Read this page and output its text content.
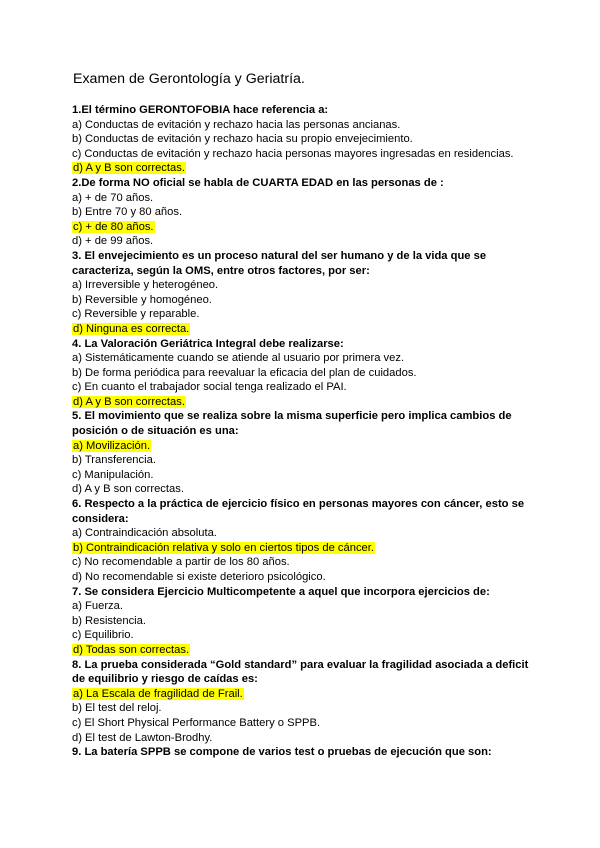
Examen de Gerontología y Geriatría.
1.El término GERONTOFOBIA hace referencia a:
a) Conductas de evitación y rechazo hacia las personas ancianas.
b) Conductas de evitación y rechazo hacia su propio envejecimiento.
c) Conductas de evitación y rechazo hacia personas mayores ingresadas en residencias.
d) A y B son correctas.
2.De forma NO oficial se habla de CUARTA EDAD en las personas de :
a) + de 70 años.
b) Entre 70 y 80 años.
c) + de 80 años.
d) + de 99 años.
3. El envejecimiento es un proceso natural del ser humano y de la vida que se caracteriza, según la OMS, entre otros factores, por ser:
a) Irreversible y heterogéneo.
b) Reversible y homogéneo.
c) Reversible y reparable.
d) Ninguna es correcta.
4. La Valoración Geriátrica Integral debe realizarse:
a) Sistemáticamente cuando se atiende al usuario por primera vez.
b) De forma periódica para reevaluar la eficacia del plan de cuidados.
c) En cuanto el trabajador social tenga realizado el PAI.
d) A y B son correctas.
5. El movimiento que se realiza sobre la misma superficie pero implica cambios de posición o de situación es una:
a) Movilización.
b) Transferencia.
c) Manipulación.
d) A y B son correctas.
6. Respecto a la práctica de ejercicio físico en personas mayores con cáncer, esto se considera:
a) Contraindicación absoluta.
b) Contraindicación relativa y solo en ciertos tipos de cáncer.
c) No recomendable a partir de los 80 años.
d) No recomendable si existe deterioro psicológico.
7. Se considera Ejercicio Multicompetente a aquel que incorpora ejercicios de:
a) Fuerza.
b) Resistencia.
c) Equilibrio.
d) Todas son correctas.
8. La prueba considerada “Gold standard” para evaluar la fragilidad asociada a deficit de equilibrio y riesgo de caídas es:
a) La Escala de fragilidad de Frail.
b) El test del reloj.
c) El Short Physical Performance Battery o SPPB.
d) El test de Lawton-Brodhy.
9. La batería SPPB se compone de varios test o pruebas de ejecución que son:
